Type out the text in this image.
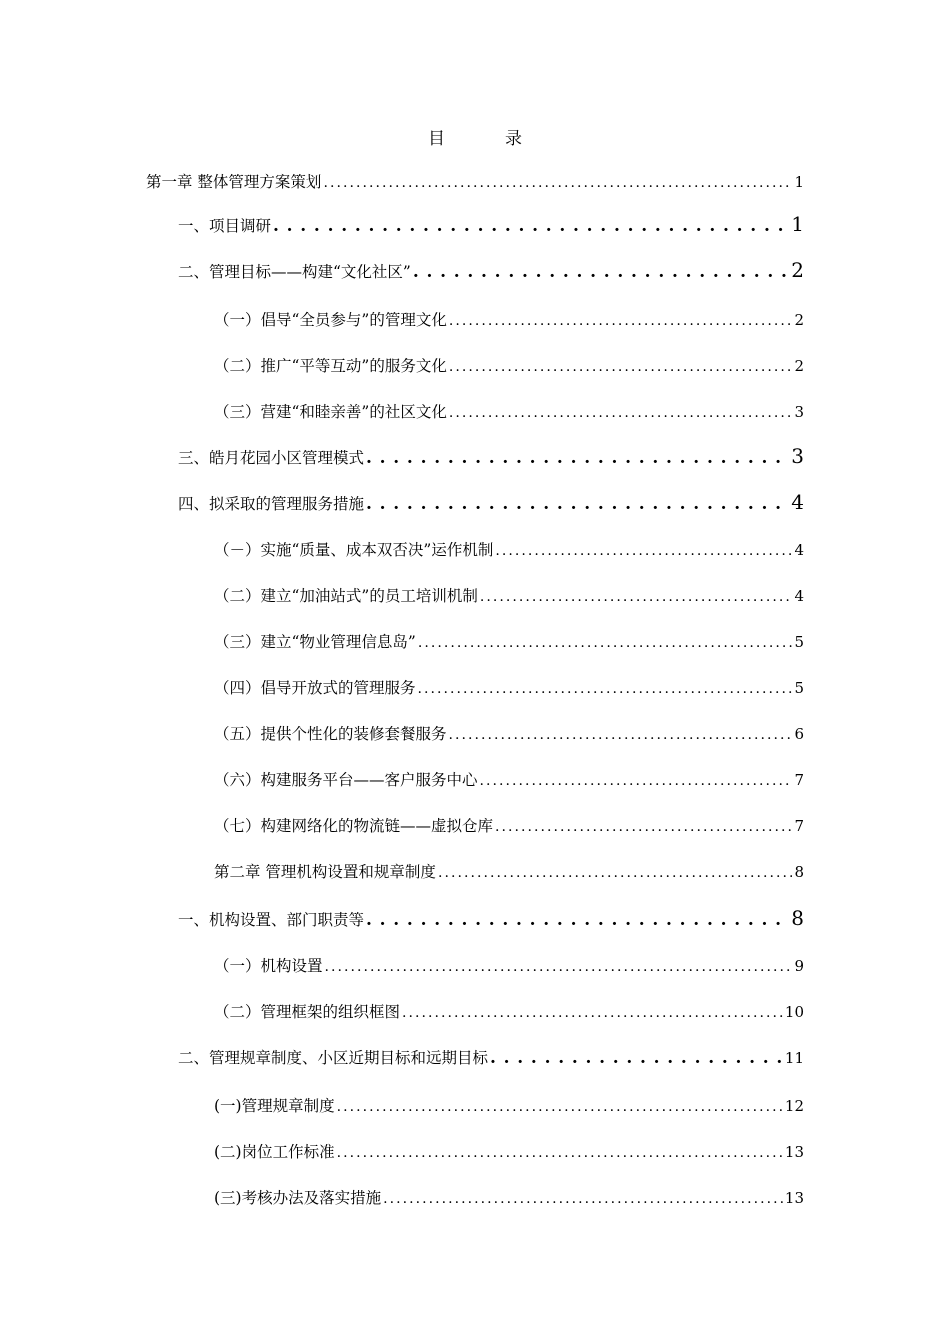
目	录
第一章 整体管理方案策划 . . .	1
一、项目调研 . . .	1
二、管理目标——构建“文化社区” . . .	2
（一）倡导“全员参与”的管理文化 . . .	2
（二）推广“平等互动”的服务文化 . . .	2
（三）营建“和睦亲善”的社区文化 . . .	3
三、皓月花园小区管理模式 . . .	3
四、拟采取的管理服务措施 . . .	4
（－）实施“质量、成本双否决”运作机制 . . .	4
（二）建立“加油站式”的员工培训机制 . . .	4
（三）建立“物业管理信息岛” . . .	5
（四）倡导开放式的管理服务 . . .	5
（五）提供个性化的装修套餐服务 . . .	6
（六）构建服务平台——客户服务中心 . . .	7
（七）构建网络化的物流链——虚拟仓库 . . .	7
第二章 管理机构设置和规章制度 . . .	8
一、机构设置、部门职责等 . . .	8
（一）机构设置 . . .	9
（二）管理框架的组织框图 . . .	10
二、管理规章制度、小区近期目标和远期目标 . . .	11
(一)管理规章制度 . . .	12
(二)岗位工作标准 . . .	13
(三)考核办法及落实措施 . . .	13
